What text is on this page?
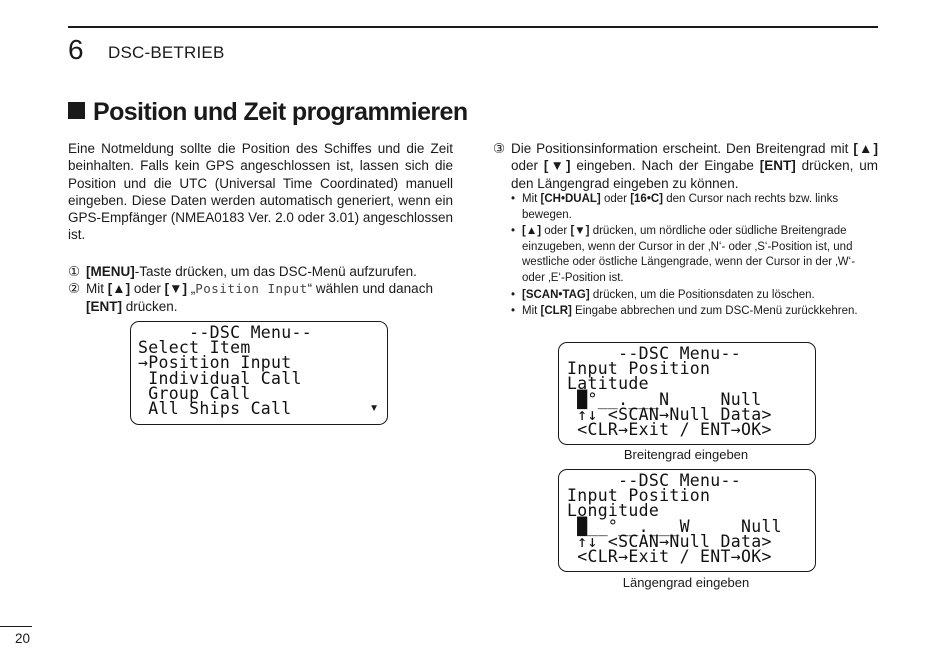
6 DSC-BETRIEB
Position und Zeit programmieren
Eine Notmeldung sollte die Position des Schiffes und die Zeit beinhalten. Falls kein GPS angeschlossen ist, lassen sich die Position und die UTC (Universal Time Coordinated) manuell eingeben. Diese Daten werden automatisch generiert, wenn ein GPS-Empfänger (NMEA0183 Ver. 2.0 oder 3.01) angeschlossen ist.
① [MENU]-Taste drücken, um das DSC-Menü aufzurufen.
② Mit [▲] oder [▼] „Position Input“ wählen und danach [ENT] drücken.
--DSC Menu--
Select Item
→Position Input
Individual Call
Group Call
All Ships Call	▼
③ Die Positionsinformation erscheint. Den Breitengrad mit [▲] oder [▼] eingeben. Nach der Eingabe [ENT] drücken, um den Längengrad eingeben zu können.
• Mit [CH•DUAL] oder [16•C] den Cursor nach rechts bzw. links bewegen.
• [▲] oder [▼] drücken, um nördliche oder südliche Breitengrade einzugeben, wenn der Cursor in der ‚N‘- oder ‚S‘-Position ist, und westliche oder östliche Längengrade, wenn der Cursor in der ‚W‘- oder ‚E‘-Position ist.
• [SCAN•TAG] drücken, um die Positionsdaten zu löschen.
• Mit [CLR] Eingabe abbrechen und zum DSC-Menü zurückkehren.
--DSC Menu--
Input Position
Latitude
█°__.___N     Null
↑↓ <SCAN→Null Data>
<CLR→Exit / ENT→OK>
Breitengrad eingeben
--DSC Menu--
Input Position
Longitude
█__°__.___W     Null
↑↓ <SCAN→Null Data>
<CLR→Exit / ENT→OK>
Längengrad eingeben
20
